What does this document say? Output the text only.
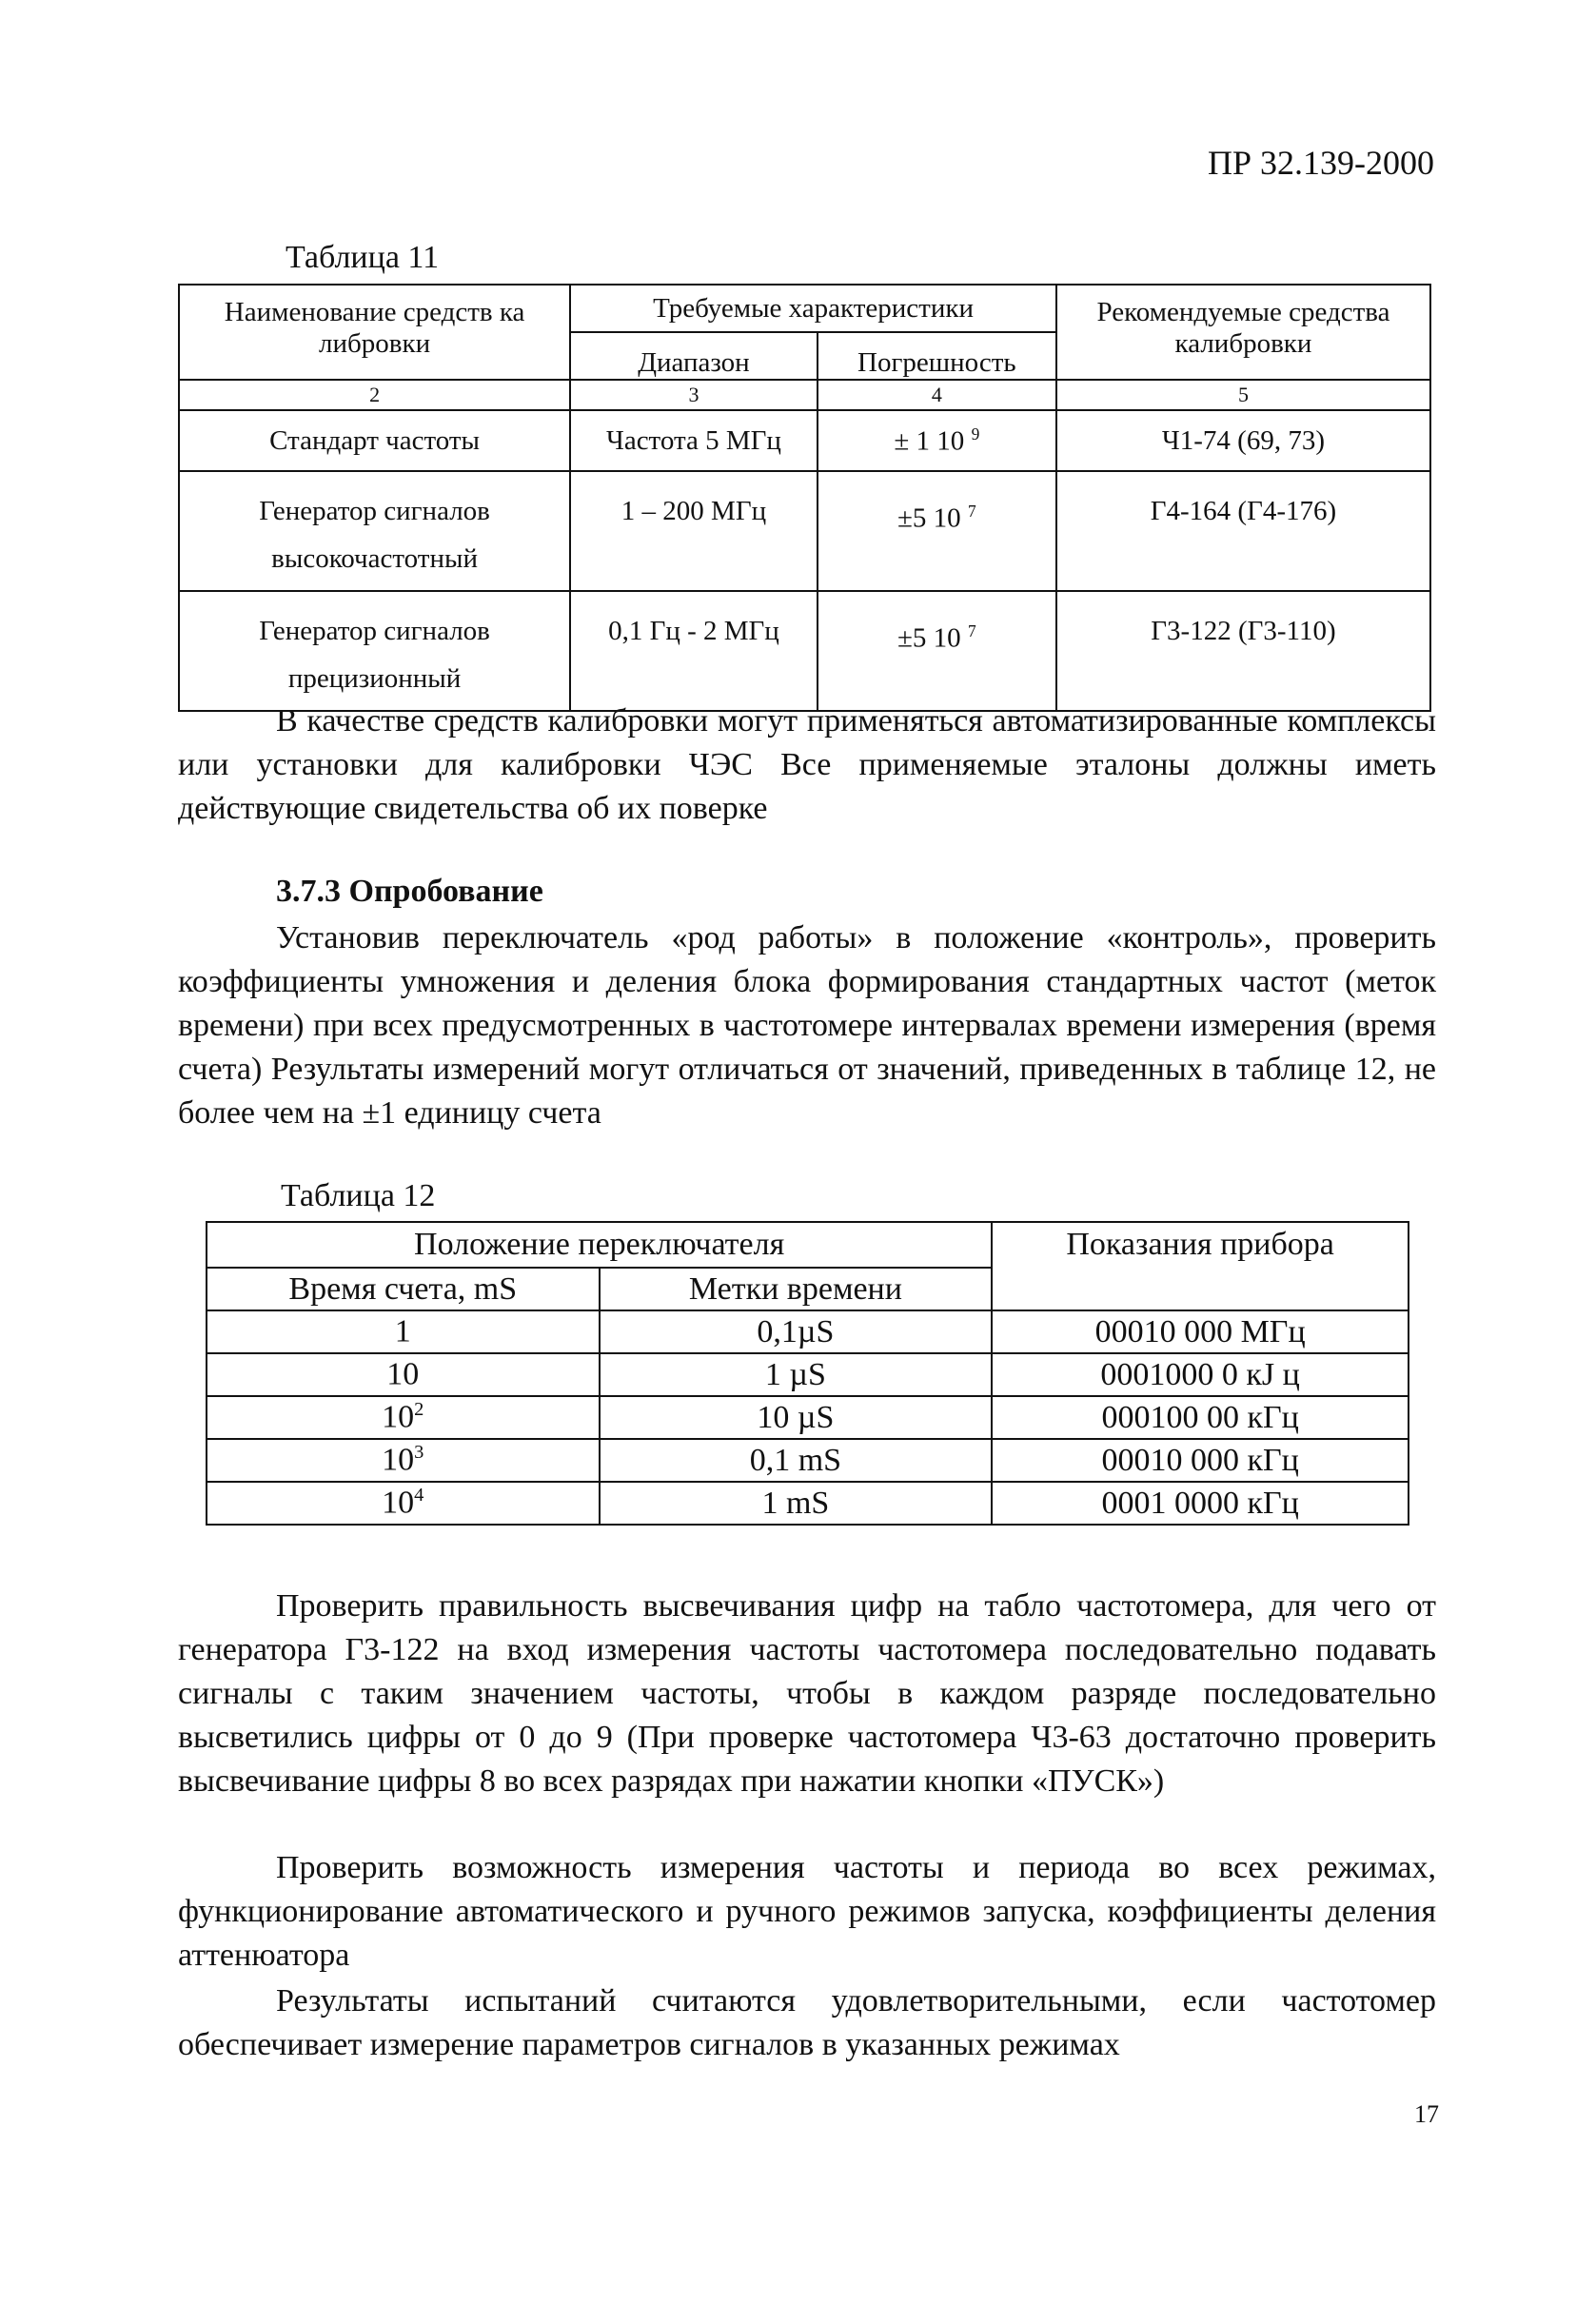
ПР 32.139-2000
Таблица 11
Наименование средств ка либровки	Требуемые характеристики		Рекомендуемые средства калибровки
	Диапазон	Погрешность	
2	3	4	5
Стандарт частоты	Частота 5 МГц	± 1 10 $^9$	Ч1-74 (69, 73)
Генератор сигналов высокочастотный	1 – 200 МГц	±5 10 $^7$	Г4-164 (Г4-176)
Генератор сигналов прецизионный	0,1 Гц - 2 МГц	±5 10 $^7$	Г3-122 (Г3-110)

В качестве средств калибровки могут применяться автоматизированные комплексы или установки для калибровки ЧЭС Все применяемые эталоны должны иметь действующие свидетельства об их поверке

3.7.3 Опробование

Установив переключатель «род работы» в положение «контроль», проверить коэффициенты умножения и деления блока формирования стандартных частот (меток времени) при всех предусмотренных в частотомере интервалах времени измерения (время счета) Результаты измерений могут отличаться от значений, приведенных в таблице 12, не более чем на ±1 единицу счета

Таблица 12
Положение переключателя		Показания прибора
Время счета, mS	Метки времени	
1	0,1µS	00010 000 МГц
10	1 µS	0001000 0 кЈ ц
$10^2$	10 µS	000100 00 кГц
$10^3$	0,1 mS	00010 000 кГц
$10^4$	1 mS	0001 0000 кГц

Проверить правильность высвечивания цифр на табло частотомера, для чего от генератора Г3-122 на вход измерения частоты частотомера последовательно подавать сигналы с таким значением частоты, чтобы в каждом разряде последовательно высветились цифры от 0 до 9 (При проверке частотомера Ч3-63 достаточно проверить высвечивание цифры 8 во всех разрядах при нажатии кнопки «ПУСК»)

Проверить возможность измерения частоты и периода во всех режимах, функционирование автоматического и ручного режимов запуска, коэффициенты деления аттенюатора

Результаты испытаний считаются удовлетворительными, если частотомер обеспечивает измерение параметров сигналов в указанных режимах

17
